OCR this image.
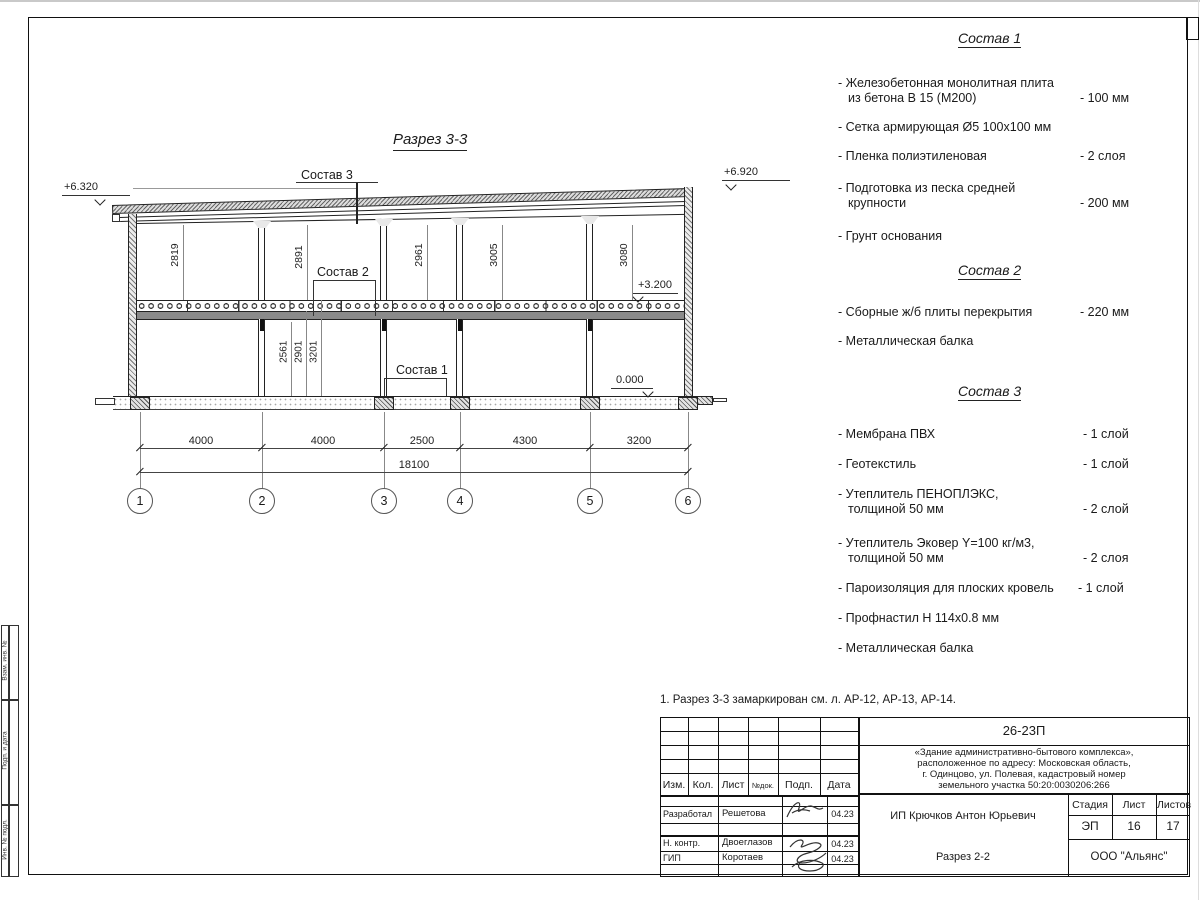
Взам. инв. №
Подп. и дата
Инв. № подл.
Разрез 3-3
+6.320
+6.920
+3.200
0.000
Состав 3
Состав 2
Состав 1
2819	2891	2961	3005	3080
2561 2901 3201
4000	4000	2500	4300	3200
18100
1	2	3	4	5	6
Состав 1
- Железобетонная монолитная плита
из бетона В 15 (М200)	- 100 мм
- Сетка армирующая Ø5 100х100 мм
- Пленка полиэтиленовая	- 2 слоя
- Подготовка из песка средней
крупности	- 200 мм
- Грунт основания
Состав 2
- Сборные ж/б плиты перекрытия	- 220 мм
- Металлическая балка
Состав 3
- Мембрана ПВХ	- 1 слой
- Геотекстиль	- 1 слой
- Утеплитель ПЕНОПЛЭКС,
толщиной 50 мм	- 2 слой
- Утеплитель Эковер Y=100 кг/м3,
толщиной 50 мм	- 2 слоя
- Пароизоляция для плоских кровель - 1 слой
- Профнастил Н 114х0.8 мм
- Металлическая балка
1. Разрез 3-3 замаркирован см. л. АР-12, АР-13, АР-14.
Изм. Кол. Лист	№док.	Подп.	Дата
Разработал Решетова	04.23
Н. контр. Двоеглазов	04.23
ГИП	Коротаев	04.23
26-23П
«Здание административно-бытового комплекса»,
расположенное по адресу: Московская область,
г. Одинцово, ул. Полевая, кадастровый номер
земельного участка 50:20:0030206:266
Стадия	Лист	Листов
ЭП	16	17
ИП Крючков Антон Юрьевич
Разрез 2-2	ООО "Альянс"
